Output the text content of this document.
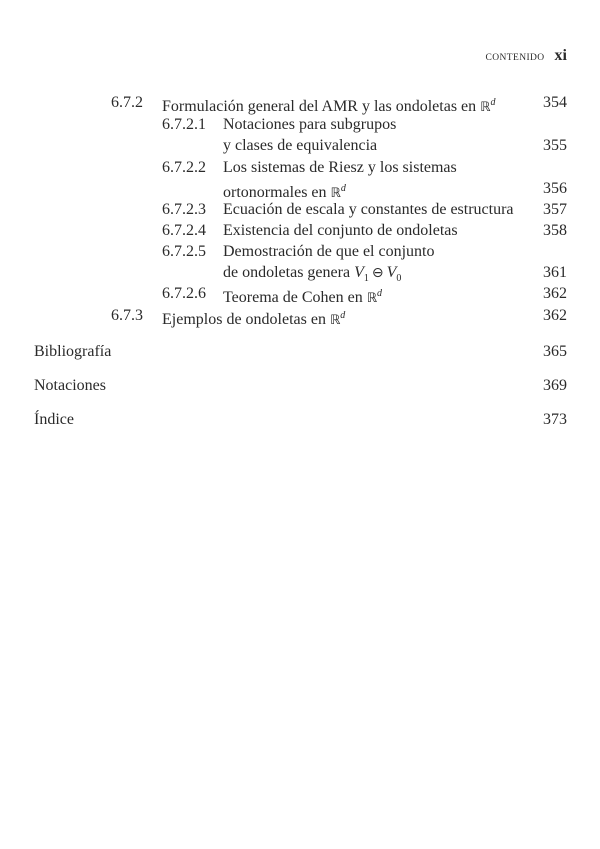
CONTENIDO xi
6.7.2 Formulación general del AMR y las ondoletas en ℝ$^d$	354
6.7.2.1 Notaciones para subgrupos
y clases de equivalencia	355
6.7.2.2 Los sistemas de Riesz y los sistemas
ortonormales en ℝ$^d$	356
6.7.2.3 Ecuación de escala y constantes de estructura 357
6.7.2.4 Existencia del conjunto de ondoletas	358
6.7.2.5 Demostración de que el conjunto
de ondoletas genera $V_1$ ⊖ $V_0$	361
6.7.2.6 Teorema de Cohen en ℝ$^d$	362
6.7.3 Ejemplos de ondoletas en ℝ$^d$	362
Bibliografía	365
Notaciones	369
Índice	373
